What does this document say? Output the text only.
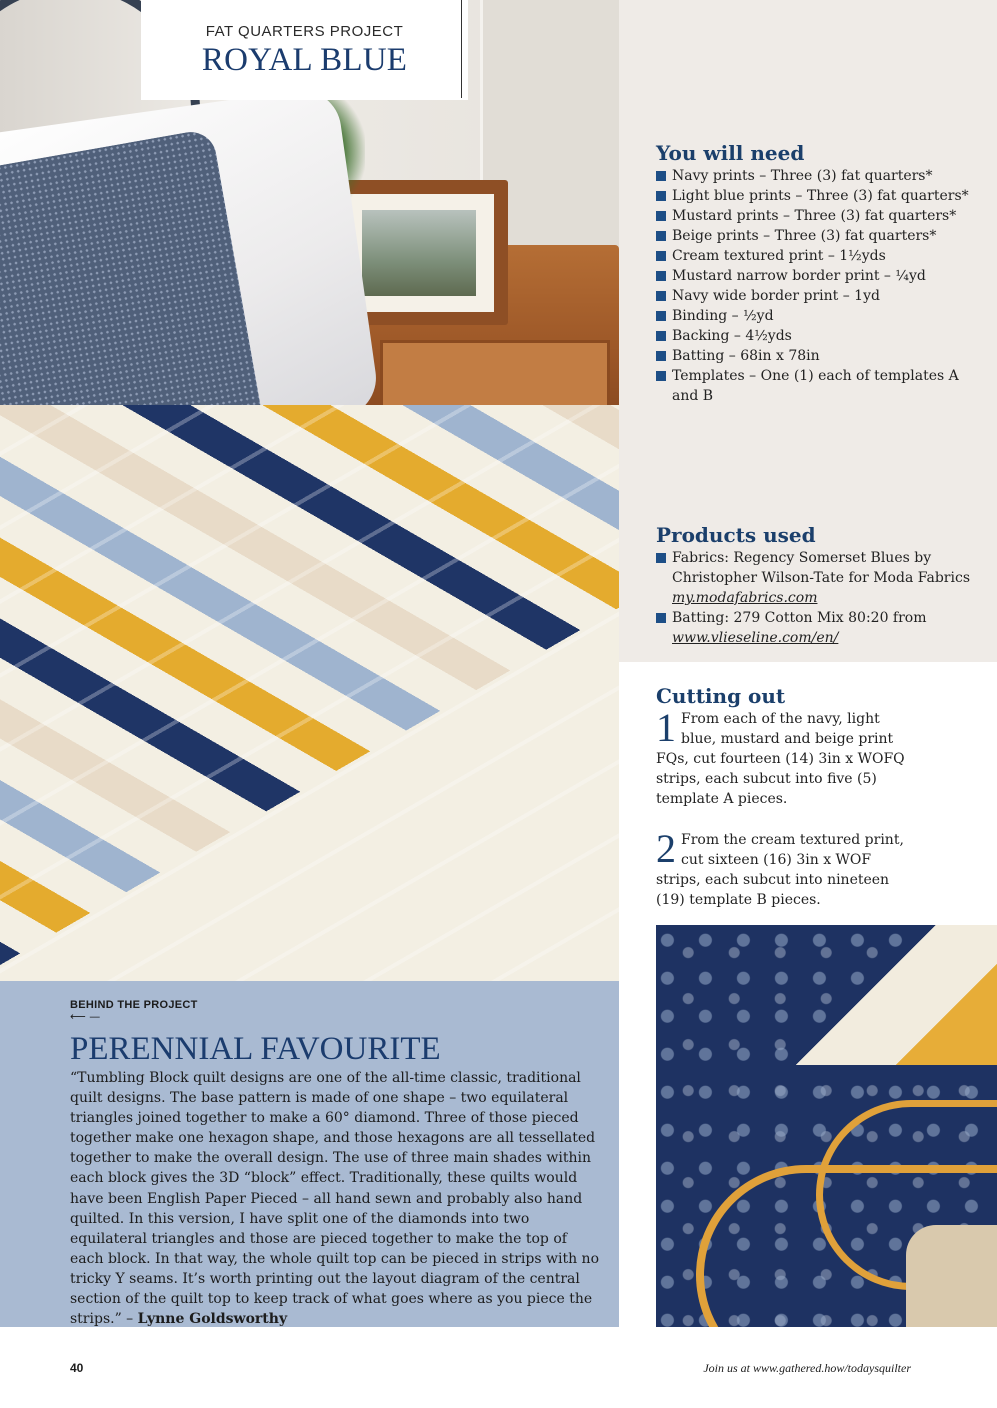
FAT QUARTERS PROJECT
ROYAL BLUE
You will need
Navy prints – Three (3) fat quarters*
Light blue prints – Three (3) fat quarters*
Mustard prints – Three (3) fat quarters*
Beige prints – Three (3) fat quarters*
Cream textured print – 1½yds
Mustard narrow border print – ¼yd
Navy wide border print – 1yd
Binding – ½yd
Backing – 4½yds
Batting – 68in x 78in
Templates – One (1) each of templates A and B
Products used
Fabrics: Regency Somerset Blues by Christopher Wilson-Tate for Moda Fabrics my.modafabrics.com
Batting: 279 Cotton Mix 80:20 from www.vlieseline.com/en/
Cutting out
1 From each of the navy, light blue, mustard and beige print FQs, cut fourteen (14) 3in x WOFQ strips, each subcut into five (5) template A pieces.
2 From the cream textured print, cut sixteen (16) 3in x WOF strips, each subcut into nineteen (19) template B pieces.
BEHIND THE PROJECT
⟵ —
PERENNIAL FAVOURITE

“Tumbling Block quilt designs are one of the all-time classic, traditional quilt designs. The base pattern is made of one shape – two equilateral triangles joined together to make a 60° diamond. Three of those pieced together make one hexagon shape, and those hexagons are all tessellated together to make the overall design. The use of three main shades within each block gives the 3D “block” effect. Traditionally, these quilts would have been English Paper Pieced – all hand sewn and probably also hand quilted. In this version, I have split one of the diamonds into two equilateral triangles and those are pieced together to make the top of each block. In that way, the whole quilt top can be pieced in strips with no tricky Y seams. It’s worth printing out the layout diagram of the central section of the quilt top to keep track of what goes where as you piece the strips.” – Lynne Goldsworthy

40	Join us at www.gathered.how/todaysquilter
